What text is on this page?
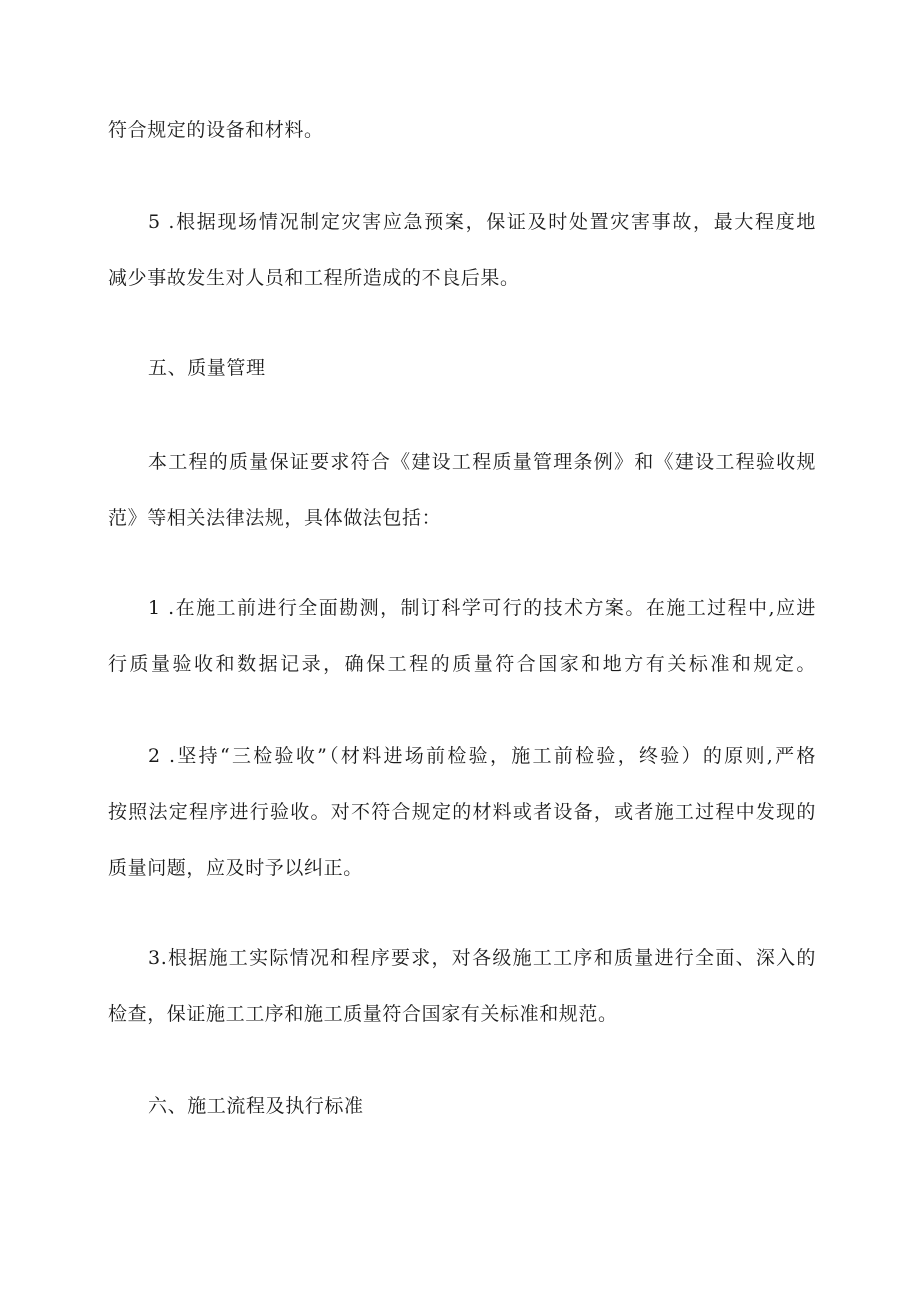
符合规定的设备和材料。
5 .根据现场情况制定灾害应急预案，保证及时处置灾害事故，最大程度地
减少事故发生对人员和工程所造成的不良后果。
五、质量管理
本工程的质量保证要求符合《建设工程质量管理条例》和《建设工程验收规
范》等相关法律法规，具体做法包括：
1 .在施工前进行全面勘测，制订科学可行的技术方案。在施工过程中,应进
行质量验收和数据记录，确保工程的质量符合国家和地方有关标准和规定。
2 .坚持“三检验收”（材料进场前检验，施工前检验，终验）的原则,严格
按照法定程序进行验收。对不符合规定的材料或者设备，或者施工过程中发现的
质量问题，应及时予以纠正。
3.根据施工实际情况和程序要求，对各级施工工序和质量进行全面、深入的
检查，保证施工工序和施工质量符合国家有关标准和规范。
六、施工流程及执行标准
